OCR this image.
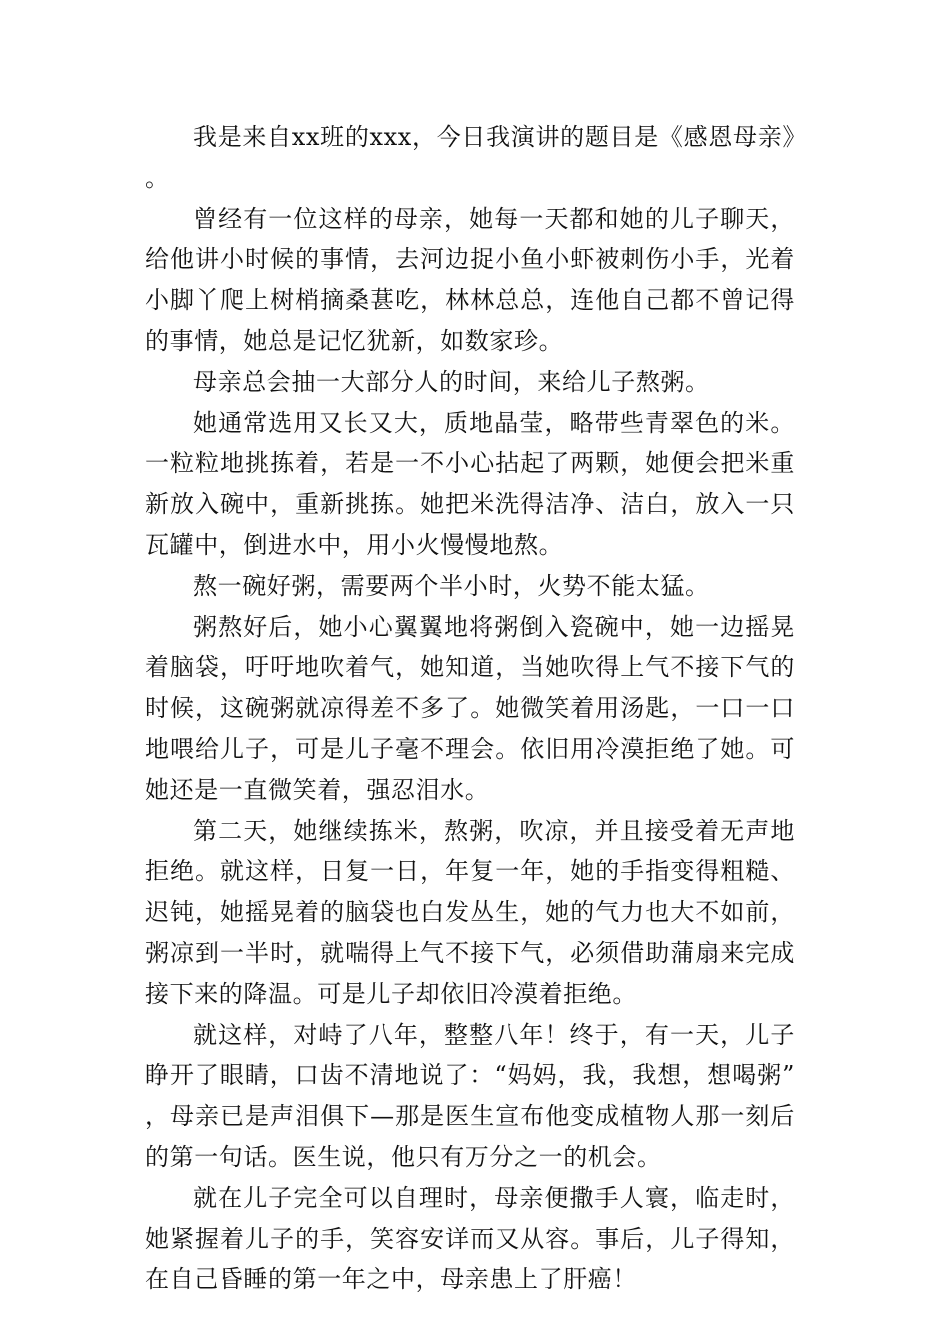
我是来自xx班的xxx，今日我演讲的题目是《感恩母亲》。

曾经有一位这样的母亲，她每一天都和她的儿子聊天，给他讲小时候的事情，去河边捉小鱼小虾被刺伤小手，光着小脚丫爬上树梢摘桑葚吃，林林总总，连他自己都不曾记得的事情，她总是记忆犹新，如数家珍。

母亲总会抽一大部分人的时间，来给儿子熬粥。

她通常选用又长又大，质地晶莹，略带些青翠色的米。一粒粒地挑拣着，若是一不小心拈起了两颗，她便会把米重新放入碗中，重新挑拣。她把米洗得洁净、洁白，放入一只瓦罐中，倒进水中，用小火慢慢地熬。

熬一碗好粥，需要两个半小时，火势不能太猛。

粥熬好后，她小心翼翼地将粥倒入瓷碗中，她一边摇晃着脑袋，吁吁地吹着气，她知道，当她吹得上气不接下气的时候，这碗粥就凉得差不多了。她微笑着用汤匙，一口一口地喂给儿子，可是儿子毫不理会。依旧用冷漠拒绝了她。可她还是一直微笑着，强忍泪水。

第二天，她继续拣米，熬粥，吹凉，并且接受着无声地拒绝。就这样，日复一日，年复一年，她的手指变得粗糙、迟钝，她摇晃着的脑袋也白发丛生，她的气力也大不如前，粥凉到一半时，就喘得上气不接下气，必须借助蒲扇来完成接下来的降温。可是儿子却依旧冷漠着拒绝。

就这样，对峙了八年，整整八年！终于，有一天，儿子睁开了眼睛，口齿不清地说了：“妈妈，我，我想，想喝粥”，母亲已是声泪俱下—那是医生宣布他变成植物人那一刻后的第一句话。医生说，他只有万分之一的机会。

就在儿子完全可以自理时，母亲便撒手人寰，临走时，她紧握着儿子的手，笑容安详而又从容。事后，儿子得知，在自己昏睡的第一年之中，母亲患上了肝癌！
